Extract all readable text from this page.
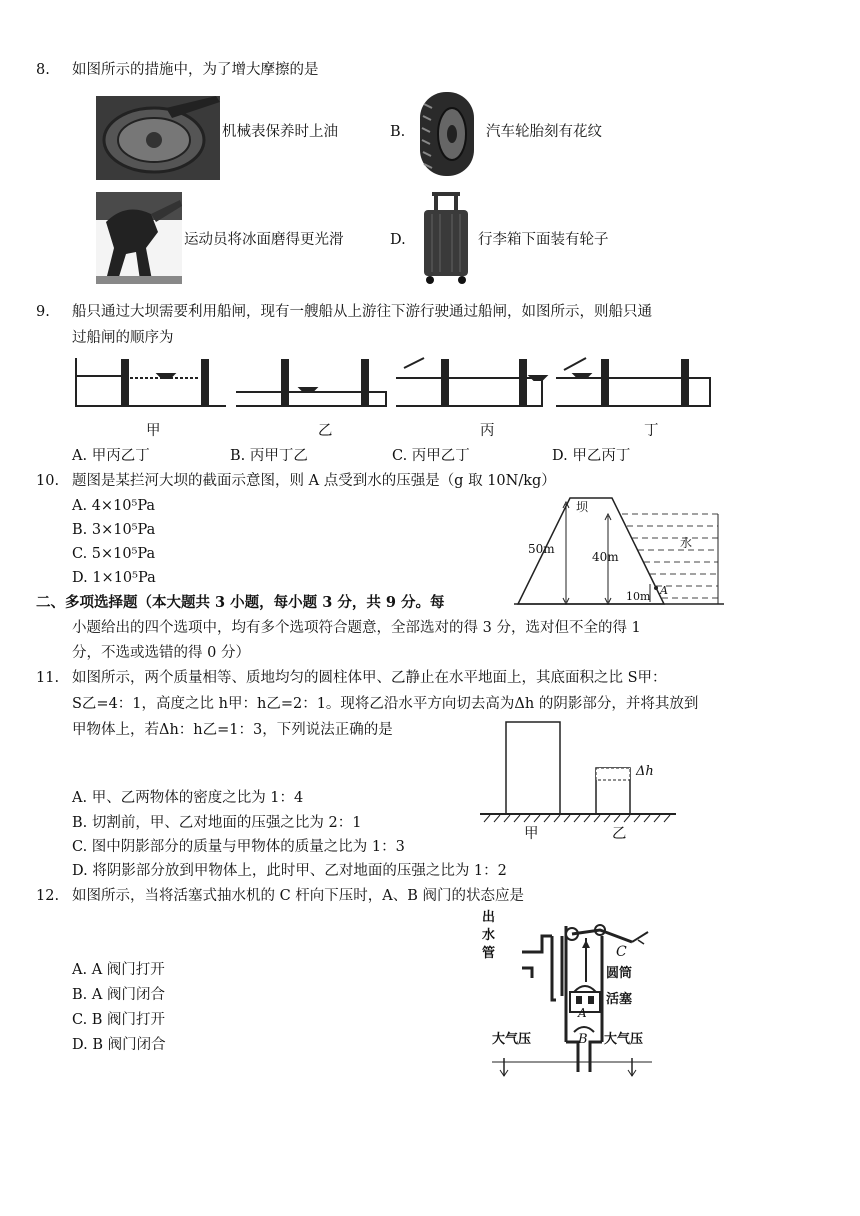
8. 如图所示的措施中，为了增大摩擦的是
机械表保养时上油	B.	汽车轮胎刻有花纹
运动员将冰面磨得更光滑	D.	行李箱下面装有轮子
9. 船只通过大坝需要利用船闸，现有一艘船从上游往下游行驶通过船闸，如图所示，则船只通
过船闸的顺序为
甲	乙	丙	丁
A. 甲丙乙丁	B. 丙甲丁乙	C. 丙甲乙丁	D. 甲乙丙丁
10. 题图是某拦河大坝的截面示意图，则 A 点受到水的压强是（g 取 10N/kg）
A. 4×10⁵Pa
B. 3×10⁵Pa
C. 5×10⁵Pa
D. 1×10⁵Pa
坝
水
50m
40m
10m A
二、多项选择题（本大题共 3 小题，每小题 3 分，共 9 分。每
小题给出的四个选项中，均有多个选项符合题意，全部选对的得 3 分，选对但不全的得 1
分，不选或选错的得 0 分）
11. 如图所示，两个质量相等、质地均匀的圆柱体甲、乙静止在水平地面上，其底面积之比 S甲：
S乙=4：1，高度之比 h甲：h乙=2：1。现将乙沿水平方向切去高为Δh 的阴影部分，并将其放到
甲物体上，若Δh：h乙=1：3，下列说法正确的是
Δh
甲	乙
A. 甲、乙两物体的密度之比为 1：4
B. 切割前，甲、乙对地面的压强之比为 2：1
C. 图中阴影部分的质量与甲物体的质量之比为 1：3
D. 将阴影部分放到甲物体上，此时甲、乙对地面的压强之比为 1：2
12. 如图所示，当将活塞式抽水机的 C 杆向下压时，A、B 阀门的状态应是
A. A 阀门打开
B. A 阀门闭合
C. B 阀门打开
D. B 阀门闭合
出
水
管	C
圆筒
活塞
大气压	大气压
A
B
